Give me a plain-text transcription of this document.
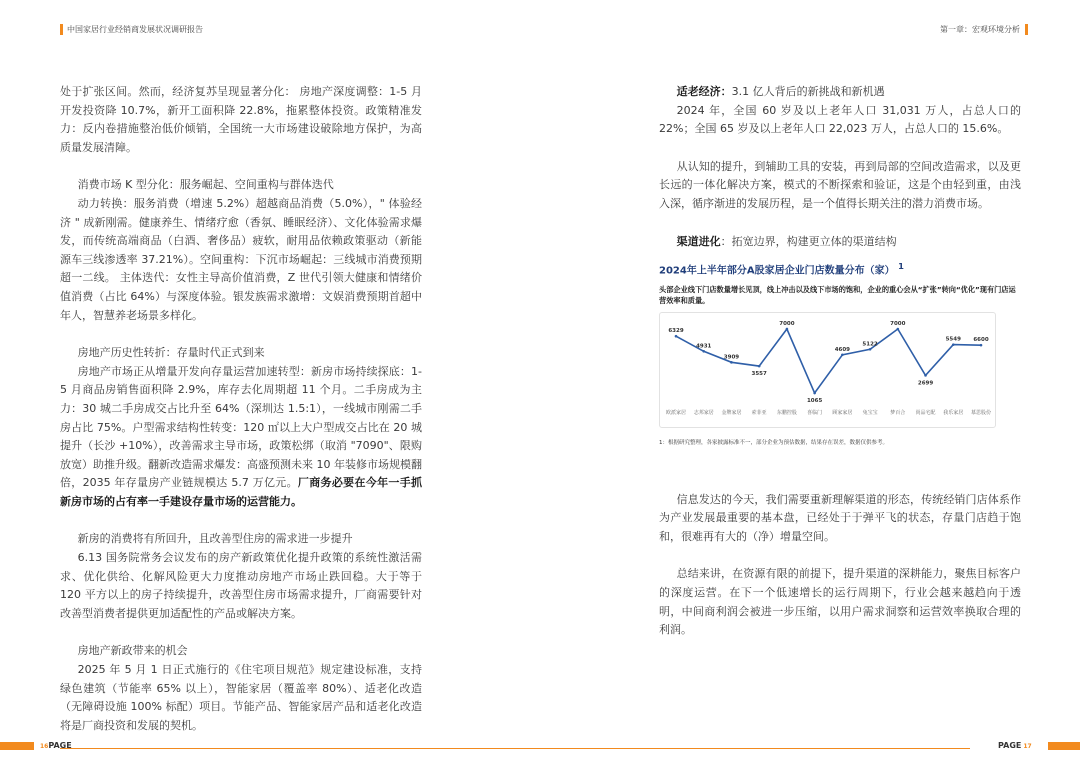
中国家居行业经销商发展状况调研报告	第一章：宏观环境分析

处于扩张区间。然而，经济复苏呈现显著分化： 房地产深度调整：1-5 月开发投资降 10.7%，新开工面积降 22.8%，拖累整体投资。政策精准发力：反内卷措施整治低价倾销，全国统一大市场建设破除地方保护，为高质量发展清障。

消费市场 K 型分化：服务崛起、空间重构与群体迭代

动力转换：服务消费（增速 5.2%）超越商品消费（5.0%），" 体验经济 " 成新刚需。健康养生、情绪疗愈（香氛、睡眠经济）、文化体验需求爆发，而传统高端商品（白酒、奢侈品）疲软，耐用品依赖政策驱动（新能源车三线渗透率 37.21%）。空间重构：下沉市场崛起：三线城市消费预期超一二线。 主体迭代：女性主导高价值消费，Z 世代引领大健康和情绪价值消费（占比 64%）与深度体验。银发族需求激增：文娱消费预期首超中年人，智慧养老场景多样化。

房地产历史性转折：存量时代正式到来

房地产市场正从增量开发向存量运营加速转型：新房市场持续探底：1-5 月商品房销售面积降 2.9%，库存去化周期超 11 个月。二手房成为主力：30 城二手房成交占比升至 64%（深圳达 1.5:1），一线城市刚需二手房占比 75%。户型需求结构性转变：120 ㎡以上大户型成交占比在 20 城提升（长沙 +10%），改善需求主导市场，政策松绑（取消 "7090"、限购放宽）助推升级。翻新改造需求爆发：高盛预测未来 10 年装修市场规模翻倍，2035 年存量房产业链规模达 5.7 万亿元。厂商务必要在今年一手抓新房市场的占有率一手建设存量市场的运营能力。

新房的消费将有所回升，且改善型住房的需求进一步提升

6.13 国务院常务会议发布的房产新政策优化提升政策的系统性激活需求、优化供给、化解风险更大力度推动房地产市场止跌回稳。大于等于 120 平方以上的房子持续提升，改善型住房市场需求提升，厂商需要针对改善型消费者提供更加适配性的产品或解决方案。

房地产新政带来的机会

2025 年 5 月 1 日正式施行的《住宅项目规范》规定建设标准，支持绿色建筑（节能率 65% 以上），智能家居（覆盖率 80%）、适老化改造（无障碍设施 100% 标配）项目。节能产品、智能家居产品和适老化改造将是厂商投资和发展的契机。

适老经济：3.1 亿人背后的新挑战和新机遇

2024 年，全国 60 岁及以上老年人口 31,031 万人，占总人口的 22%；全国 65 岁及以上老年人口 22,023 万人，占总人口的 15.6%。

从认知的提升，到辅助工具的安装，再到局部的空间改造需求，以及更长远的一体化解决方案，模式的不断探索和验证，这是个由轻到重，由浅入深，循序渐进的发展历程，是一个值得长期关注的潜力消费市场。

渠道进化：拓宽边界，构建更立体的渠道结构

2024年上半年部分A股家居企业门店数量分布（家） $^1$
头部企业线下门店数量增长见顶，线上冲击以及线下市场的饱和，企业的重心会从“扩张”转向“优化”现有门店运营效率和质量。
6329
欧派家居
4931
志邦家居
3909
金牌家居
3557
索菲亚
7000
东鹏控股
1065
喜临门
4609
顾家家居
5122
兔宝宝
7000
梦百合
2699
尚品宅配
5549
我乐家居
6600
慕思股份
1：根据研究整理，各家披露标准不一，部分企业为预估数据，结果存在误差，数据仅供参考。

信息发达的今天，我们需要重新理解渠道的形态，传统经销门店体系作为产业发展最重要的基本盘，已经处于于弹平飞的状态，存量门店趋于饱和，很难再有大的（净）增量空间。

总结来讲，在资源有限的前提下，提升渠道的深耕能力，聚焦目标客户的深度运营。在下一个低速增长的运行周期下，行业会越来越趋向于透明，中间商利润会被进一步压缩，以用户需求洞察和运营效率换取合理的利润。

16PAGE	PAGE 17
